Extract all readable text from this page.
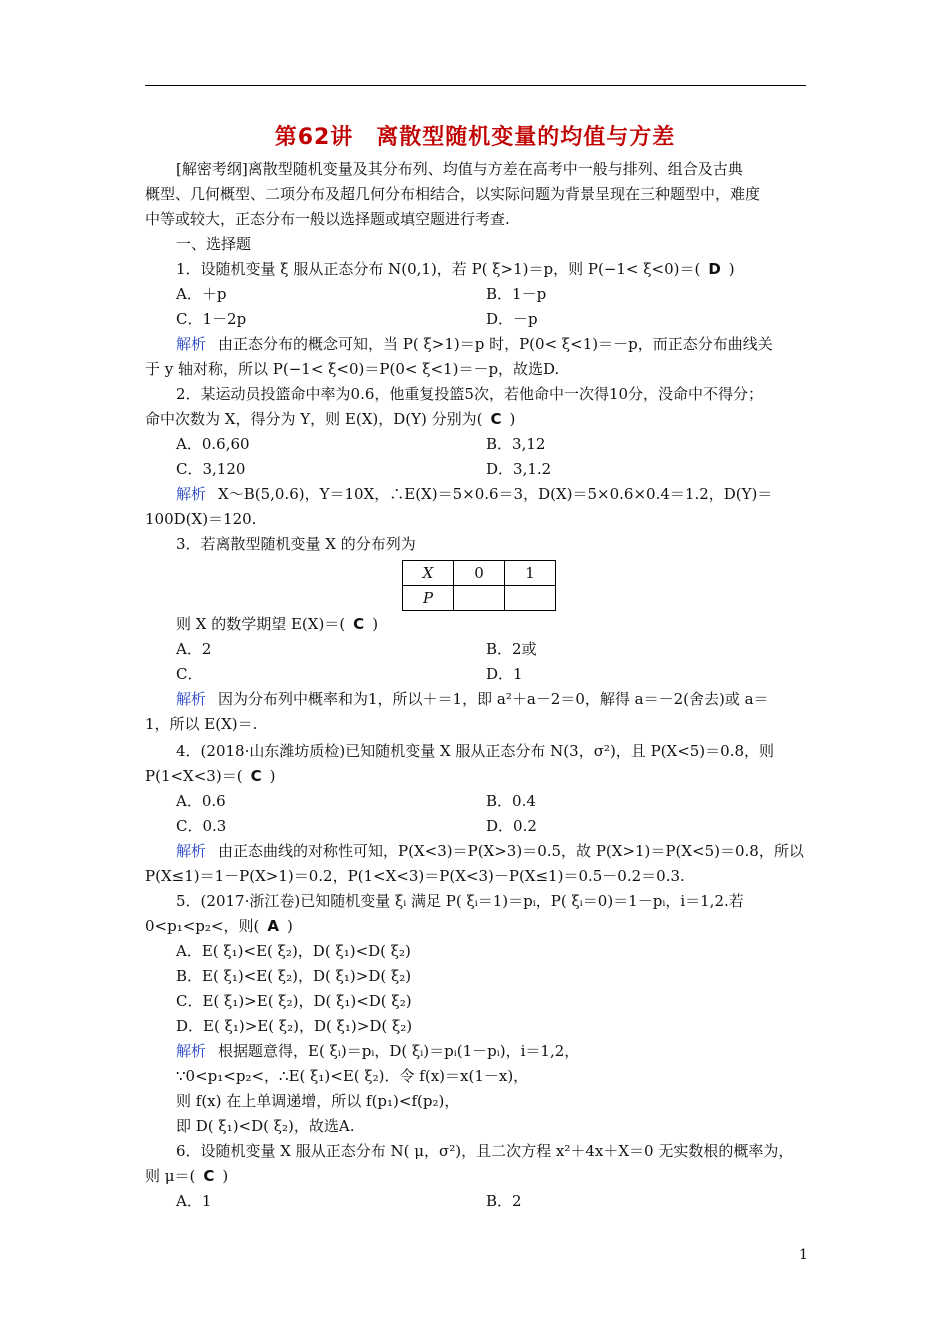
第62讲　离散型随机变量的均值与方差
[解密考纲]离散型随机变量及其分布列、均值与方差在高考中一般与排列、组合及古典
概型、几何概型、二项分布及超几何分布相结合，以实际问题为背景呈现在三种题型中，难度
中等或较大，正态分布一般以选择题或填空题进行考查.
一、选择题
1．设随机变量 ξ 服从正态分布 N(0,1)，若 P( ξ>1)＝p，则 P(−1< ξ<0)＝( D )
A．＋p	B．1－p
C．1－2p	D．－p
解析 由正态分布的概念可知，当 P( ξ>1)＝p 时，P(0< ξ<1)＝－p，而正态分布曲线关
于 y 轴对称，所以 P(−1< ξ<0)＝P(0< ξ<1)＝－p，故选D.
2．某运动员投篮命中率为0.6，他重复投篮5次，若他命中一次得10分，没命中不得分；
命中次数为 X，得分为 Y，则 E(X)，D(Y) 分别为( C )
A．0.6,60	B．3,12
C．3,120	D．3,1.2
解析 X～B(5,0.6)，Y＝10X，∴E(X)＝5×0.6＝3，D(X)＝5×0.6×0.4＝1.2，D(Y)＝
100D(X)＝120.
3．若离散型随机变量 X 的分布列为
X	0	1
P		
则 X 的数学期望 E(X)＝( C )
A．2	B．2或
C．	D．1
解析 因为分布列中概率和为1，所以＋＝1，即 a²＋a－2＝0，解得 a＝－2(舍去)或 a＝
1，所以 E(X)＝.
4．(2018·山东潍坊质检)已知随机变量 X 服从正态分布 N(3，σ²)，且 P(X<5)＝0.8，则
P(1<X<3)＝( C )
A．0.6	B．0.4
C．0.3	D．0.2
解析 由正态曲线的对称性可知，P(X<3)＝P(X>3)＝0.5，故 P(X>1)＝P(X<5)＝0.8，所以
P(X≤1)＝1－P(X>1)＝0.2，P(1<X<3)＝P(X<3)－P(X≤1)＝0.5－0.2＝0.3.
5．(2017·浙江卷)已知随机变量 ξᵢ 满足 P( ξᵢ＝1)＝pᵢ，P( ξᵢ＝0)＝1－pᵢ，i＝1,2.若
0<p₁<p₂<，则( A )
A．E( ξ₁)<E( ξ₂)，D( ξ₁)<D( ξ₂)
B．E( ξ₁)<E( ξ₂)，D( ξ₁)>D( ξ₂)
C．E( ξ₁)>E( ξ₂)，D( ξ₁)<D( ξ₂)
D．E( ξ₁)>E( ξ₂)，D( ξ₁)>D( ξ₂)
解析 根据题意得，E( ξᵢ)＝pᵢ，D( ξᵢ)＝pᵢ(1－pᵢ)，i＝1,2，
∵0<p₁<p₂<，∴E( ξ₁)<E( ξ₂)．令 f(x)＝x(1－x)，
则 f(x) 在上单调递增，所以 f(p₁)<f(p₂)，
即 D( ξ₁)<D( ξ₂)，故选A.
6．设随机变量 X 服从正态分布 N( μ，σ²)，且二次方程 x²＋4x＋X＝0 无实数根的概率为，
则 μ＝( C )
A．1	B．2
1
